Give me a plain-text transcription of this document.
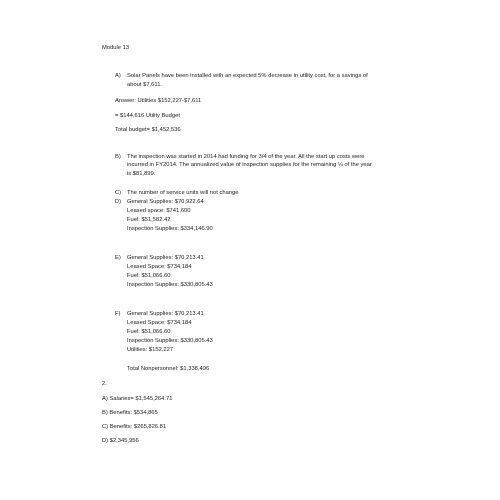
Module 13
A) Solar Panels have been installed with an expected 5% decrease in utility cost, for a savings of
about $7,611.
Answer: Utilities $152,227-$7,611
= $144,616 Utility Budget
Total budget= $1,452,536
B) The inspection was started in 2014 had funding for 3/4 of the year. All the start up costs were
incurred in FY2014. The annualized value of inspection supplies for the remaining ¼ of the year
is $81,899.
C) The number of service units will not change
D) General Supplies: $70,922.64
Leased space: $741,600
Fuel: $51,582.42
Inspection Supplies: $334,146.90
E) General Supplies: $70,213.41
Leased Space: $734,184
Fuel: $51,066.60
Inspection Supplies: $330,805.43
F) General Supplies: $70,213.41
Leased Space: $734,184
Fuel: $51,066.60
Inspection Supplies: $330,805.43
Utilities: $152,227
Total Nonpersonnel: $1,338,496
2.
A) Salaries= $1,545,264.71
B) Benefits: $534,865
C) Benefits: $265,826.81
D) $2,345,956
